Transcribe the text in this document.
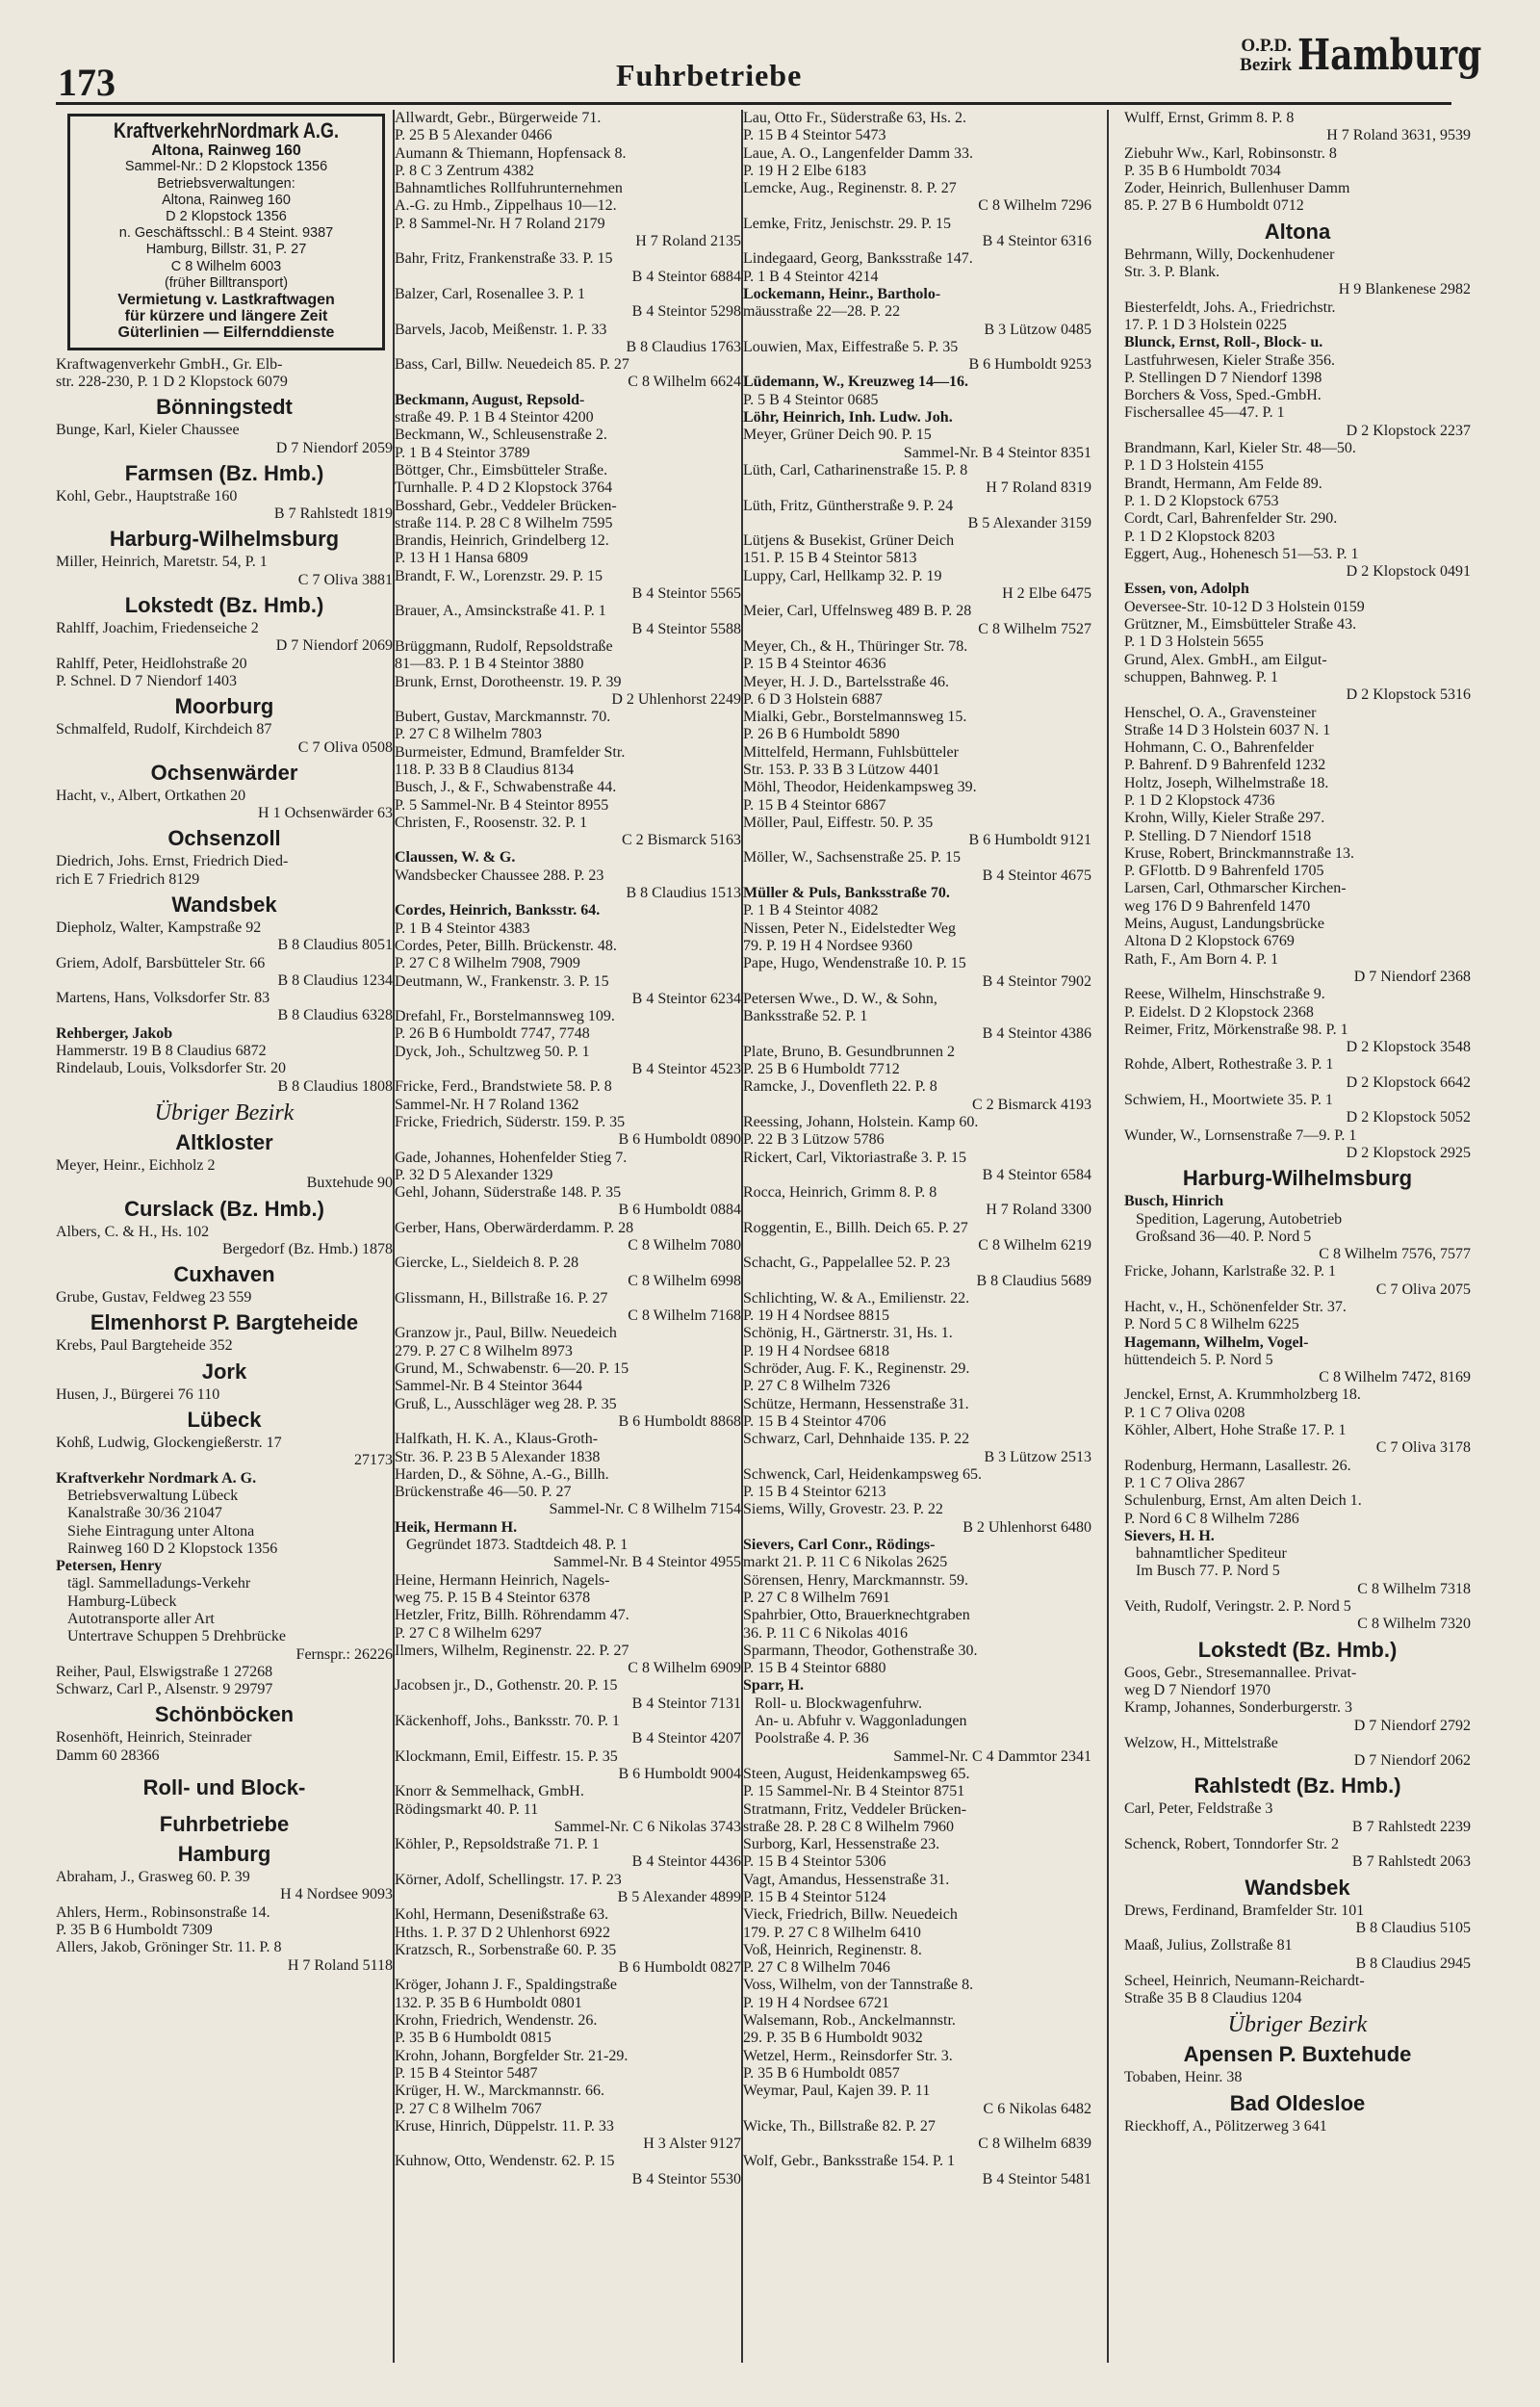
173	Fuhrbetriebe
O.P.D.
Bezirk Hamburg
KraftverkehrNordmark A.G.
Altona, Rainweg 160
Sammel-Nr.: D 2 Klopstock 1356
Betriebsverwaltungen:
Altona, Rainweg 160
D 2 Klopstock 1356
n. Geschäftsschl.: B 4 Steint. 9387
Hamburg, Billstr. 31, P. 27
C 8 Wilhelm 6003
(früher Billtransport)
Vermietung v. Lastkraftwagen
für kürzere und längere Zeit
Güterlinien — Eilfernddienste
Kraftwagenverkehr GmbH., Gr. Elb-
str. 228-230, P. 1 D 2 Klopstock 6079
Bönningstedt
Bunge, Karl, Kieler Chaussee
D 7 Niendorf 2059
Farmsen (Bz. Hmb.)
Kohl, Gebr., Hauptstraße 160
B 7 Rahlstedt 1819
Harburg-Wilhelmsburg
Miller, Heinrich, Maretstr. 54, P. 1
C 7 Oliva 3881
Lokstedt (Bz. Hmb.)
Rahlff, Joachim, Friedenseiche 2
D 7 Niendorf 2069
Rahlff, Peter, Heidlohstraße 20
P. Schnel. D 7 Niendorf 1403
Moorburg
Schmalfeld, Rudolf, Kirchdeich 87
C 7 Oliva 0508
Ochsenwärder
Hacht, v., Albert, Ortkathen 20
H 1 Ochsenwärder 63
Ochsenzoll
Diedrich, Johs. Ernst, Friedrich Died-
rich E 7 Friedrich 8129
Wandsbek
Diepholz, Walter, Kampstraße 92
B 8 Claudius 8051
Griem, Adolf, Barsbütteler Str. 66
B 8 Claudius 1234
Martens, Hans, Volksdorfer Str. 83
B 8 Claudius 6328
Rehberger, Jakob
Hammerstr. 19 B 8 Claudius 6872
Rindelaub, Louis, Volksdorfer Str. 20
B 8 Claudius 1808
Übriger Bezirk
Altkloster
Meyer, Heinr., Eichholz 2
Buxtehude 90
Curslack (Bz. Hmb.)
Albers, C. & H., Hs. 102
Bergedorf (Bz. Hmb.) 1878
Cuxhaven
Grube, Gustav, Feldweg 23 559
Elmenhorst P. Bargteheide
Krebs, Paul Bargteheide 352
Jork
Husen, J., Bürgerei 76 110
Lübeck
Kohß, Ludwig, Glockengießerstr. 17
27173
Kraftverkehr Nordmark A. G.
Betriebsverwaltung Lübeck
Kanalstraße 30/36 21047
Siehe Eintragung unter Altona
Rainweg 160 D 2 Klopstock 1356
Petersen, Henry
tägl. Sammelladungs-Verkehr
Hamburg-Lübeck
Autotransporte aller Art
Untertrave Schuppen 5 Drehbrücke
Fernspr.: 26226
Reiher, Paul, Elswigstraße 1 27268
Schwarz, Carl P., Alsenstr. 9 29797
Schönböcken
Rosenhöft, Heinrich, Steinrader
Damm 60 28366
Roll- und Block-
Fuhrbetriebe
Hamburg
Abraham, J., Grasweg 60. P. 39
H 4 Nordsee 9093
Ahlers, Herm., Robinsonstraße 14.
P. 35 B 6 Humboldt 7309
Allers, Jakob, Gröninger Str. 11. P. 8
H 7 Roland 5118
Allwardt, Gebr., Bürgerweide 71.
P. 25 B 5 Alexander 0466
Aumann & Thiemann, Hopfensack 8.
P. 8 C 3 Zentrum 4382
Bahnamtliches Rollfuhrunternehmen
A.-G. zu Hmb., Zippelhaus 10—12.
P. 8 Sammel-Nr. H 7 Roland 2179
H 7 Roland 2135
Bahr, Fritz, Frankenstraße 33. P. 15
B 4 Steintor 6884
Balzer, Carl, Rosenallee 3. P. 1
B 4 Steintor 5298
Barvels, Jacob, Meißenstr. 1. P. 33
B 8 Claudius 1763
Bass, Carl, Billw. Neuedeich 85. P. 27
C 8 Wilhelm 6624
Beckmann, August, Repsold-
straße 49. P. 1 B 4 Steintor 4200
Beckmann, W., Schleusenstraße 2.
P. 1 B 4 Steintor 3789
Böttger, Chr., Eimsbütteler Straße.
Turnhalle. P. 4 D 2 Klopstock 3764
Bosshard, Gebr., Veddeler Brücken-
straße 114. P. 28 C 8 Wilhelm 7595
Brandis, Heinrich, Grindelberg 12.
P. 13 H 1 Hansa 6809
Brandt, F. W., Lorenzstr. 29. P. 15
B 4 Steintor 5565
Brauer, A., Amsinckstraße 41. P. 1
B 4 Steintor 5588
Brüggmann, Rudolf, Repsoldstraße
81—83. P. 1 B 4 Steintor 3880
Brunk, Ernst, Dorotheenstr. 19. P. 39
D 2 Uhlenhorst 2249
Bubert, Gustav, Marckmannstr. 70.
P. 27 C 8 Wilhelm 7803
Burmeister, Edmund, Bramfelder Str.
118. P. 33 B 8 Claudius 8134
Busch, J., & F., Schwabenstraße 44.
P. 5 Sammel-Nr. B 4 Steintor 8955
Christen, F., Roosenstr. 32. P. 1
C 2 Bismarck 5163
Claussen, W. & G.
Wandsbecker Chaussee 288. P. 23
B 8 Claudius 1513
Cordes, Heinrich, Banksstr. 64.
P. 1 B 4 Steintor 4383
Cordes, Peter, Billh. Brückenstr. 48.
P. 27 C 8 Wilhelm 7908, 7909
Deutmann, W., Frankenstr. 3. P. 15
B 4 Steintor 6234
Drefahl, Fr., Borstelmannsweg 109.
P. 26 B 6 Humboldt 7747, 7748
Dyck, Joh., Schultzweg 50. P. 1
B 4 Steintor 4523
Fricke, Ferd., Brandstwiete 58. P. 8
Sammel-Nr. H 7 Roland 1362
Fricke, Friedrich, Süderstr. 159. P. 35
B 6 Humboldt 0890
Gade, Johannes, Hohenfelder Stieg 7.
P. 32 D 5 Alexander 1329
Gehl, Johann, Süderstraße 148. P. 35
B 6 Humboldt 0884
Gerber, Hans, Oberwärderdamm. P. 28
C 8 Wilhelm 7080
Giercke, L., Sieldeich 8. P. 28
C 8 Wilhelm 6998
Glissmann, H., Billstraße 16. P. 27
C 8 Wilhelm 7168
Granzow jr., Paul, Billw. Neuedeich
279. P. 27 C 8 Wilhelm 8973
Grund, M., Schwabenstr. 6—20. P. 15
Sammel-Nr. B 4 Steintor 3644
Gruß, L., Ausschläger weg 28. P. 35
B 6 Humboldt 8868
Halfkath, H. K. A., Klaus-Groth-
Str. 36. P. 23 B 5 Alexander 1838
Harden, D., & Söhne, A.-G., Billh.
Brückenstraße 46—50. P. 27
Sammel-Nr. C 8 Wilhelm 7154
Heik, Hermann H.
Gegründet 1873. Stadtdeich 48. P. 1
Sammel-Nr. B 4 Steintor 4955
Heine, Hermann Heinrich, Nagels-
weg 75. P. 15 B 4 Steintor 6378
Hetzler, Fritz, Billh. Röhrendamm 47.
P. 27 C 8 Wilhelm 6297
Ilmers, Wilhelm, Reginenstr. 22. P. 27
C 8 Wilhelm 6909
Jacobsen jr., D., Gothenstr. 20. P. 15
B 4 Steintor 7131
Käckenhoff, Johs., Banksstr. 70. P. 1
B 4 Steintor 4207
Klockmann, Emil, Eiffestr. 15. P. 35
B 6 Humboldt 9004
Knorr & Semmelhack, GmbH.
Rödingsmarkt 40. P. 11
Sammel-Nr. C 6 Nikolas 3743
Köhler, P., Repsoldstraße 71. P. 1
B 4 Steintor 4436
Körner, Adolf, Schellingstr. 17. P. 23
B 5 Alexander 4899
Kohl, Hermann, Desenißstraße 63.
Hths. 1. P. 37 D 2 Uhlenhorst 6922
Kratzsch, R., Sorbenstraße 60. P. 35
B 6 Humboldt 0827
Kröger, Johann J. F., Spaldingstraße
132. P. 35 B 6 Humboldt 0801
Krohn, Friedrich, Wendenstr. 26.
P. 35 B 6 Humboldt 0815
Krohn, Johann, Borgfelder Str. 21-29.
P. 15 B 4 Steintor 5487
Krüger, H. W., Marckmannstr. 66.
P. 27 C 8 Wilhelm 7067
Kruse, Hinrich, Düppelstr. 11. P. 33
H 3 Alster 9127
Kuhnow, Otto, Wendenstr. 62. P. 15
B 4 Steintor 5530
Lau, Otto Fr., Süderstraße 63, Hs. 2.
P. 15 B 4 Steintor 5473
Laue, A. O., Langenfelder Damm 33.
P. 19 H 2 Elbe 6183
Lemcke, Aug., Reginenstr. 8. P. 27
C 8 Wilhelm 7296
Lemke, Fritz, Jenischstr. 29. P. 15
B 4 Steintor 6316
Lindegaard, Georg, Banksstraße 147.
P. 1 B 4 Steintor 4214
Lockemann, Heinr., Bartholo-
mäusstraße 22—28. P. 22
B 3 Lützow 0485
Louwien, Max, Eiffestraße 5. P. 35
B 6 Humboldt 9253
Lüdemann, W., Kreuzweg 14—16.
P. 5 B 4 Steintor 0685
Löhr, Heinrich, Inh. Ludw. Joh.
Meyer, Grüner Deich 90. P. 15
Sammel-Nr. B 4 Steintor 8351
Lüth, Carl, Catharinenstraße 15. P. 8
H 7 Roland 8319
Lüth, Fritz, Güntherstraße 9. P. 24
B 5 Alexander 3159
Lütjens & Busekist, Grüner Deich
151. P. 15 B 4 Steintor 5813
Luppy, Carl, Hellkamp 32. P. 19
H 2 Elbe 6475
Meier, Carl, Uffelnsweg 489 B. P. 28
C 8 Wilhelm 7527
Meyer, Ch., & H., Thüringer Str. 78.
P. 15 B 4 Steintor 4636
Meyer, H. J. D., Bartelsstraße 46.
P. 6 D 3 Holstein 6887
Mialki, Gebr., Borstelmannsweg 15.
P. 26 B 6 Humboldt 5890
Mittelfeld, Hermann, Fuhlsbütteler
Str. 153. P. 33 B 3 Lützow 4401
Möhl, Theodor, Heidenkampsweg 39.
P. 15 B 4 Steintor 6867
Möller, Paul, Eiffestr. 50. P. 35
B 6 Humboldt 9121
Möller, W., Sachsenstraße 25. P. 15
B 4 Steintor 4675
Müller & Puls, Banksstraße 70.
P. 1 B 4 Steintor 4082
Nissen, Peter N., Eidelstedter Weg
79. P. 19 H 4 Nordsee 9360
Pape, Hugo, Wendenstraße 10. P. 15
B 4 Steintor 7902
Petersen Wwe., D. W., & Sohn,
Banksstraße 52. P. 1
B 4 Steintor 4386
Plate, Bruno, B. Gesundbrunnen 2
P. 25 B 6 Humboldt 7712
Ramcke, J., Dovenfleth 22. P. 8
C 2 Bismarck 4193
Reessing, Johann, Holstein. Kamp 60.
P. 22 B 3 Lützow 5786
Rickert, Carl, Viktoriastraße 3. P. 15
B 4 Steintor 6584
Rocca, Heinrich, Grimm 8. P. 8
H 7 Roland 3300
Roggentin, E., Billh. Deich 65. P. 27
C 8 Wilhelm 6219
Schacht, G., Pappelallee 52. P. 23
B 8 Claudius 5689
Schlichting, W. & A., Emilienstr. 22.
P. 19 H 4 Nordsee 8815
Schönig, H., Gärtnerstr. 31, Hs. 1.
P. 19 H 4 Nordsee 6818
Schröder, Aug. F. K., Reginenstr. 29.
P. 27 C 8 Wilhelm 7326
Schütze, Hermann, Hessenstraße 31.
P. 15 B 4 Steintor 4706
Schwarz, Carl, Dehnhaide 135. P. 22
B 3 Lützow 2513
Schwenck, Carl, Heidenkampsweg 65.
P. 15 B 4 Steintor 6213
Siems, Willy, Grovestr. 23. P. 22
B 2 Uhlenhorst 6480
Sievers, Carl Conr., Rödings-
markt 21. P. 11 C 6 Nikolas 2625
Sörensen, Henry, Marckmannstr. 59.
P. 27 C 8 Wilhelm 7691
Spahrbier, Otto, Brauerknechtgraben
36. P. 11 C 6 Nikolas 4016
Sparmann, Theodor, Gothenstraße 30.
P. 15 B 4 Steintor 6880
Sparr, H.
Roll- u. Blockwagenfuhrw.
An- u. Abfuhr v. Waggonladungen
Poolstraße 4. P. 36
Sammel-Nr. C 4 Dammtor 2341
Steen, August, Heidenkampsweg 65.
P. 15 Sammel-Nr. B 4 Steintor 8751
Stratmann, Fritz, Veddeler Brücken-
straße 28. P. 28 C 8 Wilhelm 7960
Surborg, Karl, Hessenstraße 23.
P. 15 B 4 Steintor 5306
Vagt, Amandus, Hessenstraße 31.
P. 15 B 4 Steintor 5124
Vieck, Friedrich, Billw. Neuedeich
179. P. 27 C 8 Wilhelm 6410
Voß, Heinrich, Reginenstr. 8.
P. 27 C 8 Wilhelm 7046
Voss, Wilhelm, von der Tannstraße 8.
P. 19 H 4 Nordsee 6721
Walsemann, Rob., Anckelmannstr.
29. P. 35 B 6 Humboldt 9032
Wetzel, Herm., Reinsdorfer Str. 3.
P. 35 B 6 Humboldt 0857
Weymar, Paul, Kajen 39. P. 11
C 6 Nikolas 6482
Wicke, Th., Billstraße 82. P. 27
C 8 Wilhelm 6839
Wolf, Gebr., Banksstraße 154. P. 1
B 4 Steintor 5481
Wulff, Ernst, Grimm 8. P. 8
H 7 Roland 3631, 9539
Ziebuhr Ww., Karl, Robinsonstr. 8
P. 35 B 6 Humboldt 7034
Zoder, Heinrich, Bullenhuser Damm
85. P. 27 B 6 Humboldt 0712
Altona
Behrmann, Willy, Dockenhudener
Str. 3. P. Blank.
H 9 Blankenese 2982
Biesterfeldt, Johs. A., Friedrichstr.
17. P. 1 D 3 Holstein 0225
Blunck, Ernst, Roll-, Block- u.
Lastfuhrwesen, Kieler Straße 356.
P. Stellingen D 7 Niendorf 1398
Borchers & Voss, Sped.-GmbH.
Fischersallee 45—47. P. 1
D 2 Klopstock 2237
Brandmann, Karl, Kieler Str. 48—50.
P. 1 D 3 Holstein 4155
Brandt, Hermann, Am Felde 89.
P. 1. D 2 Klopstock 6753
Cordt, Carl, Bahrenfelder Str. 290.
P. 1 D 2 Klopstock 8203
Eggert, Aug., Hohenesch 51—53. P. 1
D 2 Klopstock 0491
Essen, von, Adolph
Oeversee-Str. 10-12 D 3 Holstein 0159
Grützner, M., Eimsbütteler Straße 43.
P. 1 D 3 Holstein 5655
Grund, Alex. GmbH., am Eilgut-
schuppen, Bahnweg. P. 1
D 2 Klopstock 5316
Henschel, O. A., Gravensteiner
Straße 14 D 3 Holstein 6037 N. 1
Hohmann, C. O., Bahrenfelder
P. Bahrenf. D 9 Bahrenfeld 1232
Holtz, Joseph, Wilhelmstraße 18.
P. 1 D 2 Klopstock 4736
Krohn, Willy, Kieler Straße 297.
P. Stelling. D 7 Niendorf 1518
Kruse, Robert, Brinckmannstraße 13.
P. GFlottb. D 9 Bahrenfeld 1705
Larsen, Carl, Othmarscher Kirchen-
weg 176 D 9 Bahrenfeld 1470
Meins, August, Landungsbrücke
Altona D 2 Klopstock 6769
Rath, F., Am Born 4. P. 1
D 7 Niendorf 2368
Reese, Wilhelm, Hinschstraße 9.
P. Eidelst. D 2 Klopstock 2368
Reimer, Fritz, Mörkenstraße 98. P. 1
D 2 Klopstock 3548
Rohde, Albert, Rothestraße 3. P. 1
D 2 Klopstock 6642
Schwiem, H., Moortwiete 35. P. 1
D 2 Klopstock 5052
Wunder, W., Lornsenstraße 7—9. P. 1
D 2 Klopstock 2925
Harburg-Wilhelmsburg
Busch, Hinrich
Spedition, Lagerung, Autobetrieb
Großsand 36—40. P. Nord 5
C 8 Wilhelm 7576, 7577
Fricke, Johann, Karlstraße 32. P. 1
C 7 Oliva 2075
Hacht, v., H., Schönenfelder Str. 37.
P. Nord 5 C 8 Wilhelm 6225
Hagemann, Wilhelm, Vogel-
hüttendeich 5. P. Nord 5
C 8 Wilhelm 7472, 8169
Jenckel, Ernst, A. Krummholzberg 18.
P. 1 C 7 Oliva 0208
Köhler, Albert, Hohe Straße 17. P. 1
C 7 Oliva 3178
Rodenburg, Hermann, Lasallestr. 26.
P. 1 C 7 Oliva 2867
Schulenburg, Ernst, Am alten Deich 1.
P. Nord 6 C 8 Wilhelm 7286
Sievers, H. H.
bahnamtlicher Spediteur
Im Busch 77. P. Nord 5
C 8 Wilhelm 7318
Veith, Rudolf, Veringstr. 2. P. Nord 5
C 8 Wilhelm 7320
Lokstedt (Bz. Hmb.)
Goos, Gebr., Stresemannallee. Privat-
weg D 7 Niendorf 1970
Kramp, Johannes, Sonderburgerstr. 3
D 7 Niendorf 2792
Welzow, H., Mittelstraße
D 7 Niendorf 2062
Rahlstedt (Bz. Hmb.)
Carl, Peter, Feldstraße 3
B 7 Rahlstedt 2239
Schenck, Robert, Tonndorfer Str. 2
B 7 Rahlstedt 2063
Wandsbek
Drews, Ferdinand, Bramfelder Str. 101
B 8 Claudius 5105
Maaß, Julius, Zollstraße 81
B 8 Claudius 2945
Scheel, Heinrich, Neumann-Reichardt-
Straße 35 B 8 Claudius 1204
Übriger Bezirk
Apensen P. Buxtehude
Tobaben, Heinr. 38
Bad Oldesloe
Rieckhoff, A., Pölitzerweg 3 641
